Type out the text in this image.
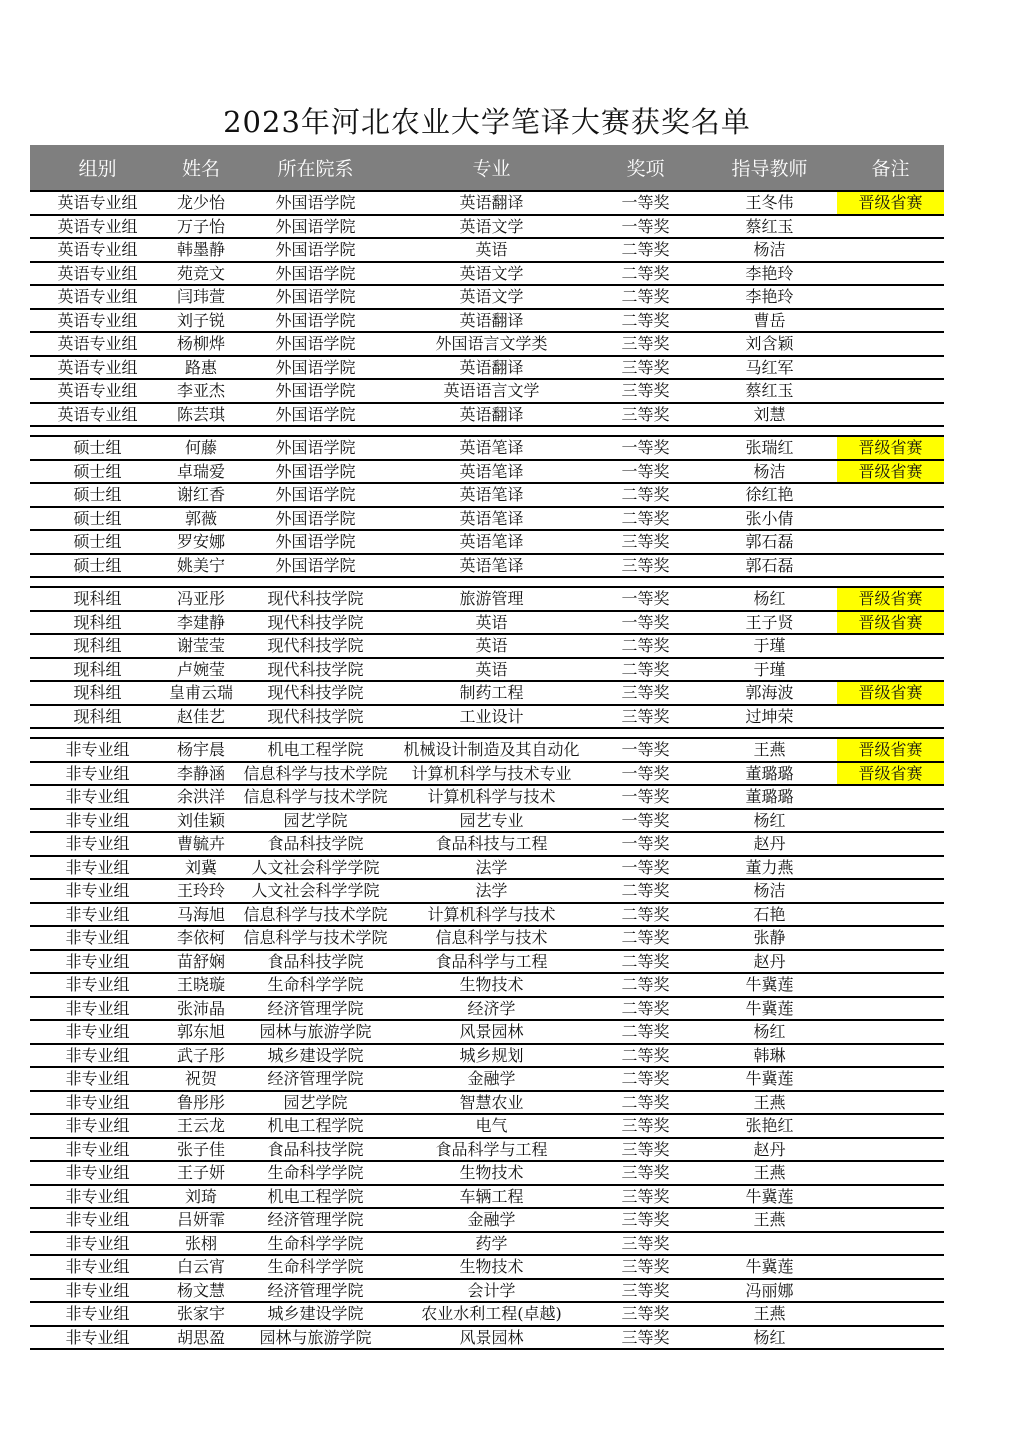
2023年河北农业大学笔译大赛获奖名单
组别	姓名	所在院系	专业	奖项	指导教师	备注
英语专业组	龙少怡	外国语学院	英语翻译	一等奖	王冬伟	晋级省赛
英语专业组	万子怡	外国语学院	英语文学	一等奖	蔡红玉	
英语专业组	韩墨静	外国语学院	英语	二等奖	杨洁	
英语专业组	苑竞文	外国语学院	英语文学	二等奖	李艳玲	
英语专业组	闫玮萱	外国语学院	英语文学	二等奖	李艳玲	
英语专业组	刘子锐	外国语学院	英语翻译	二等奖	曹岳	
英语专业组	杨柳烨	外国语学院	外国语言文学类	三等奖	刘含颖	
英语专业组	路惠	外国语学院	英语翻译	三等奖	马红军	
英语专业组	李亚杰	外国语学院	英语语言文学	三等奖	蔡红玉	
英语专业组	陈芸琪	外国语学院	英语翻译	三等奖	刘慧	

硕士组	何藤	外国语学院	英语笔译	一等奖	张瑞红	晋级省赛
硕士组	卓瑞爱	外国语学院	英语笔译	一等奖	杨洁	晋级省赛
硕士组	谢红香	外国语学院	英语笔译	二等奖	徐红艳	
硕士组	郭薇	外国语学院	英语笔译	二等奖	张小倩	
硕士组	罗安娜	外国语学院	英语笔译	三等奖	郭石磊	
硕士组	姚美宁	外国语学院	英语笔译	三等奖	郭石磊	

现科组	冯亚彤	现代科技学院	旅游管理	一等奖	杨红	晋级省赛
现科组	李建静	现代科技学院	英语	一等奖	王子贤	晋级省赛
现科组	谢莹莹	现代科技学院	英语	二等奖	于瑾	
现科组	卢婉莹	现代科技学院	英语	二等奖	于瑾	
现科组	皇甫云瑞	现代科技学院	制药工程	三等奖	郭海波	晋级省赛
现科组	赵佳艺	现代科技学院	工业设计	三等奖	过坤荣	

非专业组	杨宇晨	机电工程学院	机械设计制造及其自动化	一等奖	王燕	晋级省赛
非专业组	李静涵	信息科学与技术学院	计算机科学与技术专业	一等奖	董璐璐	晋级省赛
非专业组	余洪洋	信息科学与技术学院	计算机科学与技术	一等奖	董璐璐	
非专业组	刘佳颖	园艺学院	园艺专业	一等奖	杨红	
非专业组	曹毓卉	食品科技学院	食品科技与工程	一等奖	赵丹	
非专业组	刘冀	人文社会科学学院	法学	一等奖	董力燕	
非专业组	王玲玲	人文社会科学学院	法学	二等奖	杨洁	
非专业组	马海旭	信息科学与技术学院	计算机科学与技术	二等奖	石艳	
非专业组	李依柯	信息科学与技术学院	信息科学与技术	二等奖	张静	
非专业组	苗舒娴	食品科技学院	食品科学与工程	二等奖	赵丹	
非专业组	王晓璇	生命科学学院	生物技术	二等奖	牛冀莲	
非专业组	张沛晶	经济管理学院	经济学	二等奖	牛冀莲	
非专业组	郭东旭	园林与旅游学院	风景园林	二等奖	杨红	
非专业组	武子彤	城乡建设学院	城乡规划	二等奖	韩琳	
非专业组	祝贺	经济管理学院	金融学	二等奖	牛冀莲	
非专业组	鲁彤彤	园艺学院	智慧农业	二等奖	王燕	
非专业组	王云龙	机电工程学院	电气	三等奖	张艳红	
非专业组	张子佳	食品科技学院	食品科学与工程	三等奖	赵丹	
非专业组	王子妍	生命科学学院	生物技术	三等奖	王燕	
非专业组	刘琦	机电工程学院	车辆工程	三等奖	牛冀莲	
非专业组	吕妍霏	经济管理学院	金融学	三等奖	王燕	
非专业组	张栩	生命科学学院	药学	三等奖		
非专业组	白云宵	生命科学学院	生物技术	三等奖	牛冀莲	
非专业组	杨文慧	经济管理学院	会计学	三等奖	冯丽娜	
非专业组	张家宇	城乡建设学院	农业水利工程(卓越)	三等奖	王燕	
非专业组	胡思盈	园林与旅游学院	风景园林	三等奖	杨红	
